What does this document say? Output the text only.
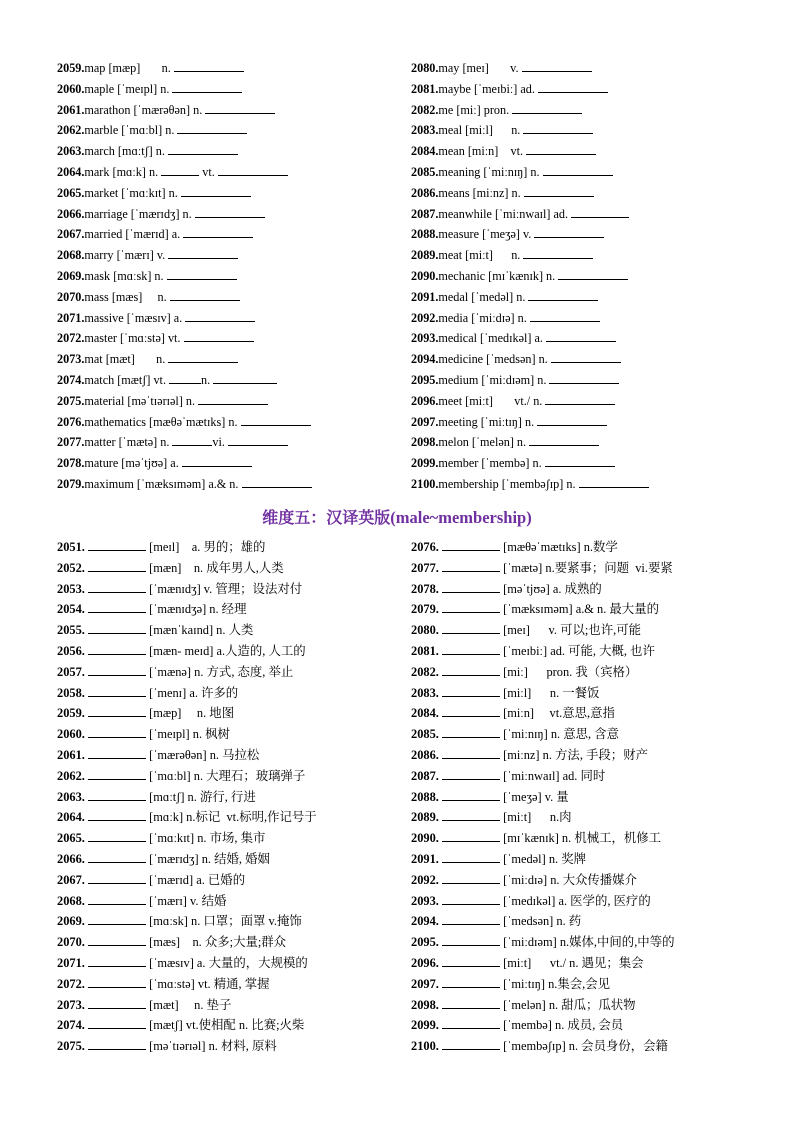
2059.map [mæp]       n.
2060.maple [ˈmeɪpl] n.
2061.marathon [ˈmærəθən] n.
2062.marble [ˈmɑːbl] n.
2063.march [mɑːtʃ] n.
2064.mark [mɑːk] n.	vt.
2065.market [ˈmɑːkɪt] n.
2066.marriage [ˈmærɪdʒ] n.
2067.married [ˈmærɪd] a.
2068.marry [ˈmærɪ] v.
2069.mask [mɑːsk] n.
2070.mass [mæs]     n.
2071.massive [ˈmæsɪv] a.
2072.master [ˈmɑːstə] vt.
2073.mat [mæt]       n.
2074.match [mætʃ] vt.	n.
2075.material [məˈtɪərɪəl] n.
2076.mathematics [mæθəˈmætɪks] n.
2077.matter [ˈmætə] n.	vi.
2078.mature [məˈtjʊə] a.
2079.maximum [ˈmæksɪməm] a.& n.
2080.may [meɪ]       v.
2081.maybe [ˈmeɪbiː] ad.
2082.me [miː] pron.
2083.meal [miːl]      n.
2084.mean [miːn]    vt.
2085.meaning [ˈmiːnɪŋ] n.
2086.means [miːnz] n.
2087.meanwhile [ˈmiːnwaɪl] ad.
2088.measure [ˈmeʒə] v.
2089.meat [miːt]      n.
2090.mechanic [mɪˈkænɪk] n.
2091.medal [ˈmedəl] n.
2092.media [ˈmiːdɪə] n.
2093.medical [ˈmedɪkəl] a.
2094.medicine [ˈmedsən] n.
2095.medium [ˈmiːdɪəm] n.
2096.meet [miːt]       vt./ n.
2097.meeting [ˈmiːtɪŋ] n.
2098.melon [ˈmelən] n.
2099.member [ˈmembə] n.
2100.membership [ˈmembəʃɪp] n.
维度五：汉译英版(male~membership)
2051.	[meɪl]    a. 男的；雄的
2052.	[mæn]    n. 成年男人,人类
2053.	[ˈmænɪdʒ] v. 管理；设法对付
2054.	[ˈmænɪdʒə] n. 经理
2055.	[mænˈkaɪnd] n. 人类
2056.	[mæn- meɪd] a.人造的, 人工的
2057.	[ˈmænə] n. 方式, 态度, 举止
2058.	[ˈmenɪ] a. 许多的
2059.	[mæp]     n. 地图
2060.	[ˈmeɪpl] n. 枫树
2061.	[ˈmærəθən] n. 马拉松
2062.	[ˈmɑːbl] n. 大理石；玻璃弹子
2063.	[mɑːtʃ] n. 游行, 行进
2064.	[mɑːk] n.标记  vt.标明,作记号于
2065.	[ˈmɑːkɪt] n. 市场, 集市
2066.	[ˈmærɪdʒ] n. 结婚, 婚姻
2067.	[ˈmærɪd] a. 已婚的
2068.	[ˈmærɪ] v. 结婚
2069.	[mɑːsk] n. 口罩；面罩 v.掩饰
2070.	[mæs]    n. 众多;大量;群众
2071.	[ˈmæsɪv] a. 大量的，大规模的
2072.	[ˈmɑːstə] vt. 精通, 掌握
2073.	[mæt]     n. 垫子
2074.	[mætʃ] vt.使相配 n. 比赛;火柴
2075.	[məˈtɪərɪəl] n. 材料, 原料
2076.	[mæθəˈmætɪks] n.数学
2077.	[ˈmætə] n.要紧事；问题  vi.要紧
2078.	[məˈtjʊə] a. 成熟的
2079.	[ˈmæksɪməm] a.& n. 最大量的
2080.	[meɪ]      v. 可以;也许,可能
2081.	[ˈmeɪbiː] ad. 可能, 大概, 也许
2082.	[miː]      pron. 我（宾格）
2083.	[miːl]      n. 一餐饭
2084.	[miːn]     vt.意思,意指
2085.	[ˈmiːnɪŋ] n. 意思, 含意
2086.	[miːnz] n. 方法, 手段；财产
2087.	[ˈmiːnwaɪl] ad. 同时
2088.	[ˈmeʒə] v. 量
2089.	[miːt]      n.肉
2090.	[mɪˈkænɪk] n. 机械工，机修工
2091.	[ˈmedəl] n. 奖牌
2092.	[ˈmiːdɪə] n. 大众传播媒介
2093.	[ˈmedɪkəl] a. 医学的, 医疗的
2094.	[ˈmedsən] n. 药
2095.	[ˈmiːdɪəm] n.媒体,中间的,中等的
2096.	[miːt]      vt./ n. 遇见；集会
2097.	[ˈmiːtɪŋ] n.集会,会见
2098.	[ˈmelən] n. 甜瓜；瓜状物
2099.	[ˈmembə] n. 成员, 会员
2100.	[ˈmembəʃɪp] n. 会员身份，会籍
